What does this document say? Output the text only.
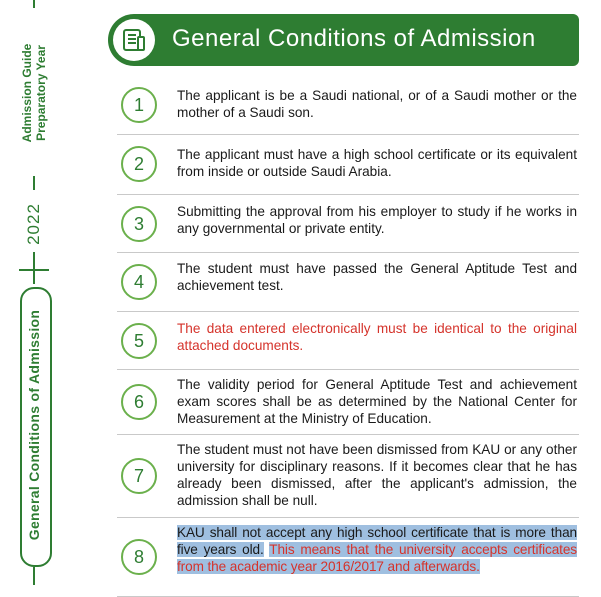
Admission Guide Preparatory Year
2022
General Conditions of Admission
General Conditions of Admission
1	The applicant is be a Saudi national, or of a Saudi mother or the mother of a Saudi son.
2	The applicant must have a high school certificate or its equivalent from inside or outside Saudi Arabia.
3
Submitting the approval from his employer to study if he works in any governmental or private entity.
4
The student must have passed the General Aptitude Test and achievement test.
5
The data entered electronically must be identical to the original attached documents.
6
The validity period for General Aptitude Test and achievement exam scores shall be as determined by the National Center for Measurement at the Ministry of Education.
7
The student must not have been dismissed from KAU or any other university for disciplinary reasons. If it becomes clear that he has already been dismissed, after the applicant's admission, the admission shall be null.
8
KAU shall not accept any high school certificate that is more than five years old. This means that the university accepts certificates from the academic year 2016/2017 and afterwards.
